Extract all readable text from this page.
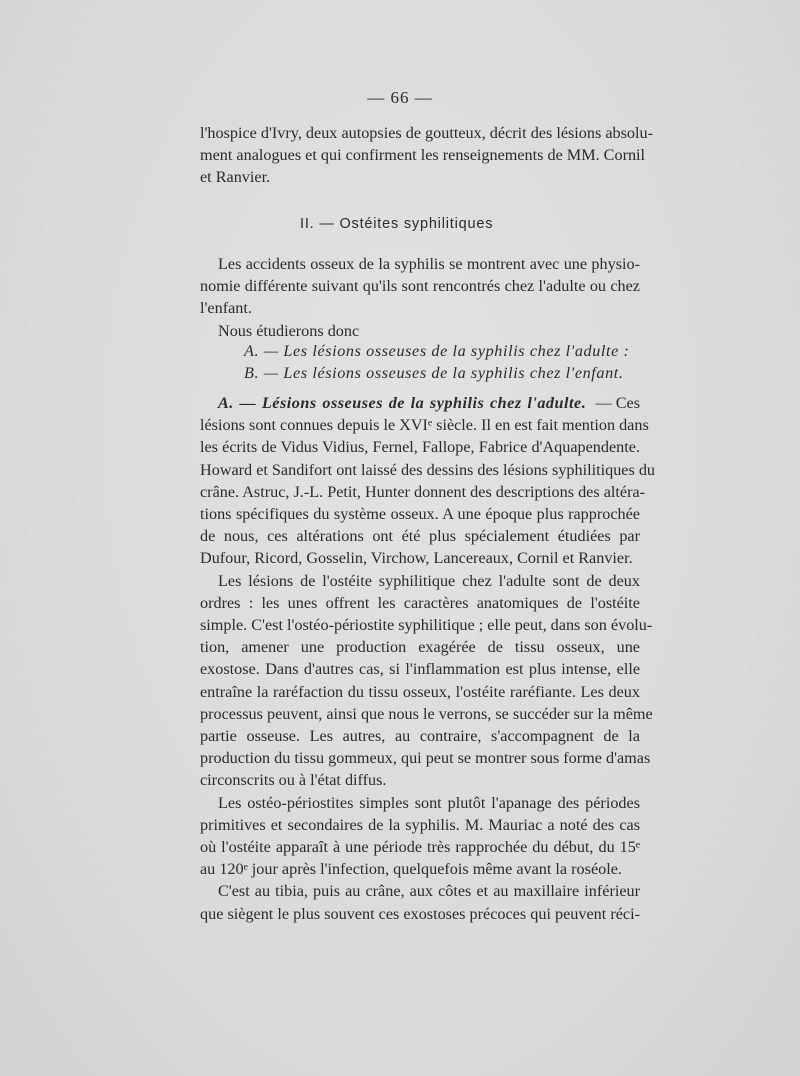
— 66 —
l'hospice d'Ivry, deux autopsies de goutteux, décrit des lésions absolu-
ment analogues et qui confirment les renseignements de MM. Cornil
et Ranvier.
II. — Ostéites syphilitiques
Les accidents osseux de la syphilis se montrent avec une physio-
nomie différente suivant qu'ils sont rencontrés chez l'adulte ou chez
l'enfant.
Nous étudierons donc
A. — Les lésions osseuses de la syphilis chez l'adulte :
B. — Les lésions osseuses de la syphilis chez l'enfant.
A. — Lésions osseuses de la syphilis chez l'adulte. — Ces
lésions sont connues depuis le XVIᵉ siècle. Il en est fait mention dans
les écrits de Vidus Vidius, Fernel, Fallope, Fabrice d'Aquapendente.
Howard et Sandifort ont laissé des dessins des lésions syphilitiques du
crâne. Astruc, J.-L. Petit, Hunter donnent des descriptions des altéra-
tions spécifiques du système osseux. A une époque plus rapprochée
de nous, ces altérations ont été plus spécialement étudiées par
Dufour, Ricord, Gosselin, Virchow, Lancereaux, Cornil et Ranvier.
Les lésions de l'ostéite syphilitique chez l'adulte sont de deux
ordres : les unes offrent les caractères anatomiques de l'ostéite
simple. C'est l'ostéo-périostite syphilitique ; elle peut, dans son évolu-
tion, amener une production exagérée de tissu osseux, une
exostose. Dans d'autres cas, si l'inflammation est plus intense, elle
entraîne la raréfaction du tissu osseux, l'ostéite raréfiante. Les deux
processus peuvent, ainsi que nous le verrons, se succéder sur la même
partie osseuse. Les autres, au contraire, s'accompagnent de la
production du tissu gommeux, qui peut se montrer sous forme d'amas
circonscrits ou à l'état diffus.
Les ostéo-périostites simples sont plutôt l'apanage des périodes
primitives et secondaires de la syphilis. M. Mauriac a noté des cas
où l'ostéite apparaît à une période très rapprochée du début, du 15ᵉ
au 120ᵉ jour après l'infection, quelquefois même avant la roséole.
C'est au tibia, puis au crâne, aux côtes et au maxillaire inférieur
que siègent le plus souvent ces exostoses précoces qui peuvent réci-
